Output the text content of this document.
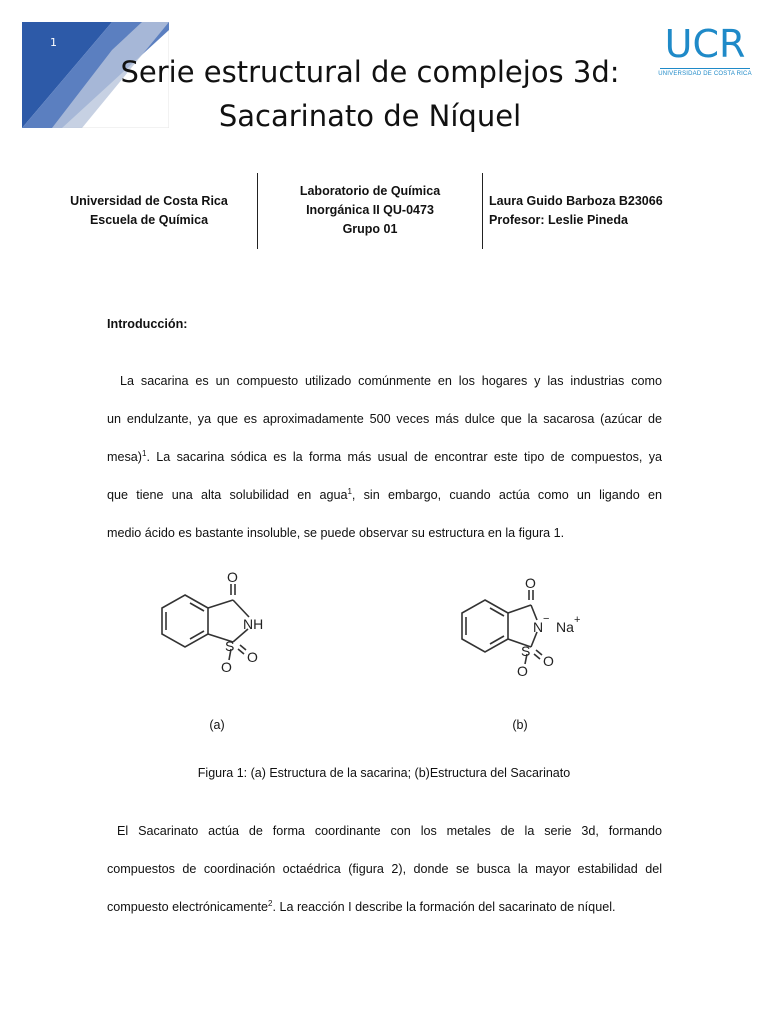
1
Serie estructural de complejos 3d:
Sacarinato de Níquel
UCR
UNIVERSIDAD DE COSTA RICA
Universidad de Costa Rica
Escuela de Química
Laboratorio de Química
Inorgánica II QU-0473
Grupo 01
Laura Guido Barboza B23066
Profesor: Leslie Pineda
Introducción:
La sacarina es un compuesto utilizado comúnmente en los hogares y las industrias como
un endulzante, ya que es aproximadamente 500 veces más dulce que la sacarosa (azúcar de
mesa)$^1$. La sacarina sódica es la forma más usual de encontrar este tipo de compuestos, ya
que tiene una alta solubilidad en agua$^1$, sin embargo, cuando actúa como un ligando en
medio ácido es bastante insoluble, se puede observar su estructura en la figura 1.
O
NH
S
O
O
O
N − Na +
S
O
O
(a)	(b)
Figura 1: (a) Estructura de la sacarina; (b)Estructura del Sacarinato
El Sacarinato actúa de forma coordinante con los metales de la serie 3d, formando
compuestos de coordinación octaédrica (figura 2), donde se busca la mayor estabilidad del
compuesto electrónicamente$^2$. La reacción I describe la formación del sacarinato de níquel.
